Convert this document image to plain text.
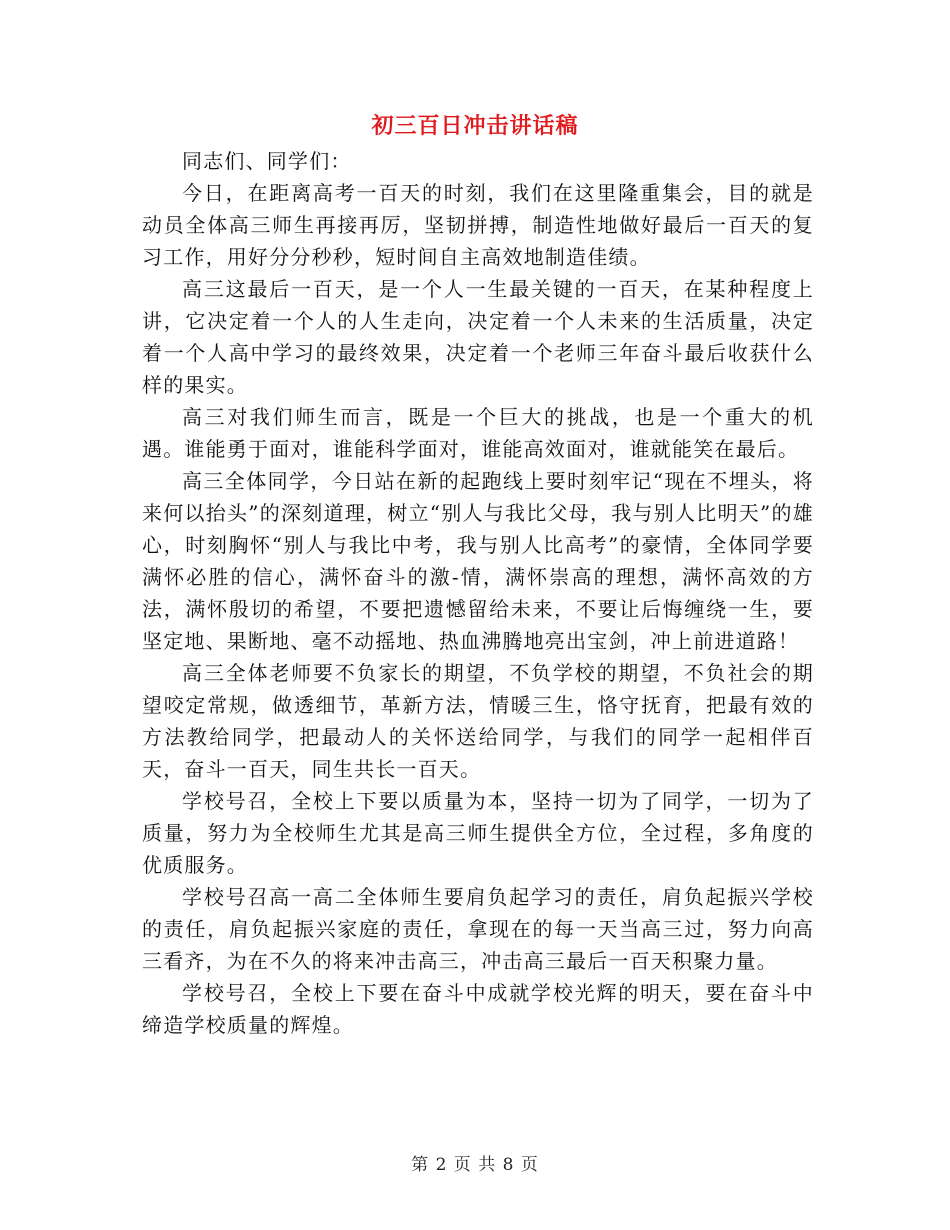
初三百日冲击讲话稿

同志们、同学们：

今日，在距离高考一百天的时刻，我们在这里隆重集会，目的就是动员全体高三师生再接再厉，坚韧拼搏，制造性地做好最后一百天的复习工作，用好分分秒秒，短时间自主高效地制造佳绩。

高三这最后一百天，是一个人一生最关键的一百天，在某种程度上讲，它决定着一个人的人生走向，决定着一个人未来的生活质量，决定着一个人高中学习的最终效果，决定着一个老师三年奋斗最后收获什么样的果实。

高三对我们师生而言，既是一个巨大的挑战，也是一个重大的机遇。谁能勇于面对，谁能科学面对，谁能高效面对，谁就能笑在最后。

高三全体同学，今日站在新的起跑线上要时刻牢记“现在不埋头，将来何以抬头”的深刻道理，树立“别人与我比父母，我与别人比明天”的雄心，时刻胸怀“别人与我比中考，我与别人比高考”的豪情，全体同学要满怀必胜的信心，满怀奋斗的激-情，满怀崇高的理想，满怀高效的方法，满怀殷切的希望，不要把遗憾留给未来，不要让后悔缠绕一生，要坚定地、果断地、毫不动摇地、热血沸腾地亮出宝剑，冲上前进道路！

高三全体老师要不负家长的期望，不负学校的期望，不负社会的期望咬定常规，做透细节，革新方法，情暖三生，恪守抚育，把最有效的方法教给同学，把最动人的关怀送给同学，与我们的同学一起相伴百天，奋斗一百天，同生共长一百天。

学校号召，全校上下要以质量为本，坚持一切为了同学，一切为了质量，努力为全校师生尤其是高三师生提供全方位，全过程，多角度的优质服务。

学校号召高一高二全体师生要肩负起学习的责任，肩负起振兴学校的责任，肩负起振兴家庭的责任，拿现在的每一天当高三过，努力向高三看齐，为在不久的将来冲击高三，冲击高三最后一百天积聚力量。

学校号召，全校上下要在奋斗中成就学校光辉的明天，要在奋斗中缔造学校质量的辉煌。

第 2 页 共 8 页
